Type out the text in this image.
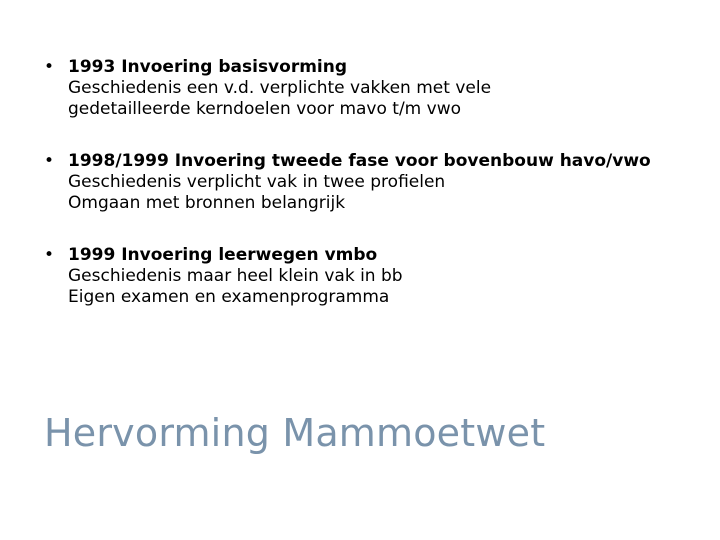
• 1993 Invoering basisvorming
Geschiedenis een v.d. verplichte vakken met vele
gedetailleerde kerndoelen voor mavo t/m vwo
• 1998/1999 Invoering tweede fase voor bovenbouw havo/vwo
Geschiedenis verplicht vak in twee profielen
Omgaan met bronnen belangrijk
• 1999 Invoering leerwegen vmbo
Geschiedenis maar heel klein vak in bb
Eigen examen en examenprogramma
Hervorming Mammoetwet
